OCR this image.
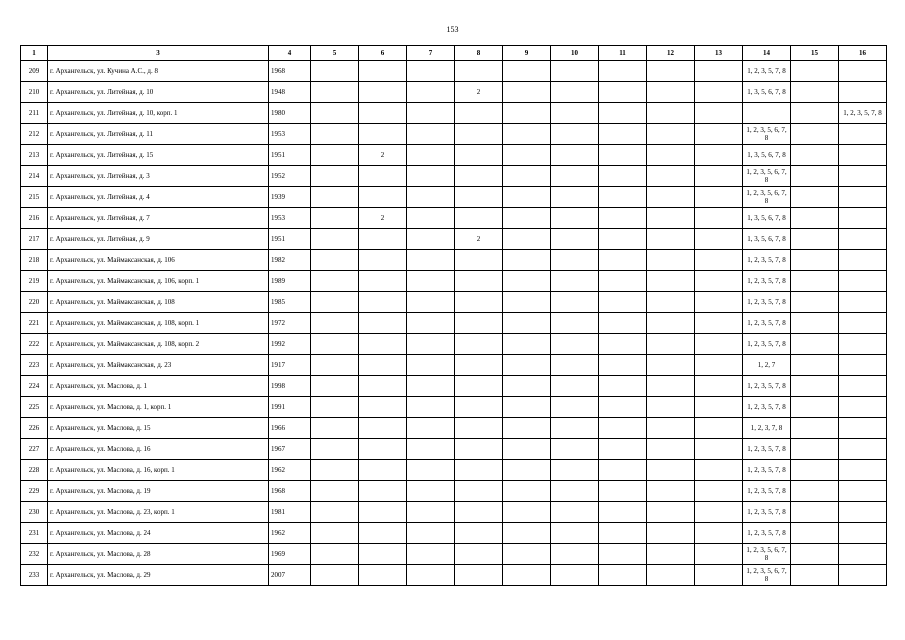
153
1	3	4	5	6	7	8	9	10	11	12	13	14	15	16
209	г. Архангельск, ул. Кучина А.С., д. 8	1968										1, 2, 3, 5, 7, 8		
210	г. Архангельск, ул. Литейная, д. 10	1948				2						1, 3, 5, 6, 7, 8		
211	г. Архангельск, ул. Литейная, д. 10, корп. 1	1980												1, 2, 3, 5, 7, 8
212	г. Архангельск, ул. Литейная, д. 11	1953										1, 2, 3, 5, 6, 7, 8		
213	г. Архангельск, ул. Литейная, д. 15	1951		2								1, 3, 5, 6, 7, 8		
214	г. Архангельск, ул. Литейная, д. 3	1952										1, 2, 3, 5, 6, 7, 8		
215	г. Архангельск, ул. Литейная, д. 4	1939										1, 2, 3, 5, 6, 7, 8		
216	г. Архангельск, ул. Литейная, д. 7	1953		2								1, 3, 5, 6, 7, 8		
217	г. Архангельск, ул. Литейная, д. 9	1951				2						1, 3, 5, 6, 7, 8		
218	г. Архангельск, ул. Маймаксанская, д. 106	1982										1, 2, 3, 5, 7, 8		
219	г. Архангельск, ул. Маймаксанская, д. 106, корп. 1	1989										1, 2, 3, 5, 7, 8		
220	г. Архангельск, ул. Маймаксанская, д. 108	1985										1, 2, 3, 5, 7, 8		
221	г. Архангельск, ул. Маймаксанская, д. 108, корп. 1	1972										1, 2, 3, 5, 7, 8		
222	г. Архангельск, ул. Маймаксанская, д. 108, корп. 2	1992										1, 2, 3, 5, 7, 8		
223	г. Архангельск, ул. Маймаксанская, д. 23	1917										1, 2, 7		
224	г. Архангельск, ул. Маслова, д. 1	1998										1, 2, 3, 5, 7, 8		
225	г. Архангельск, ул. Маслова, д. 1, корп. 1	1991										1, 2, 3, 5, 7, 8		
226	г. Архангельск, ул. Маслова, д. 15	1966										1, 2, 3, 7, 8		
227	г. Архангельск, ул. Маслова, д. 16	1967										1, 2, 3, 5, 7, 8		
228	г. Архангельск, ул. Маслова, д. 16, корп. 1	1962										1, 2, 3, 5, 7, 8		
229	г. Архангельск, ул. Маслова, д. 19	1968										1, 2, 3, 5, 7, 8		
230	г. Архангельск, ул. Маслова, д. 23, корп. 1	1981										1, 2, 3, 5, 7, 8		
231	г. Архангельск, ул. Маслова, д. 24	1962										1, 2, 3, 5, 7, 8		
232	г. Архангельск, ул. Маслова, д. 28	1969										1, 2, 3, 5, 6, 7, 8		
233	г. Архангельск, ул. Маслова, д. 29	2007										1, 2, 3, 5, 6, 7, 8		
